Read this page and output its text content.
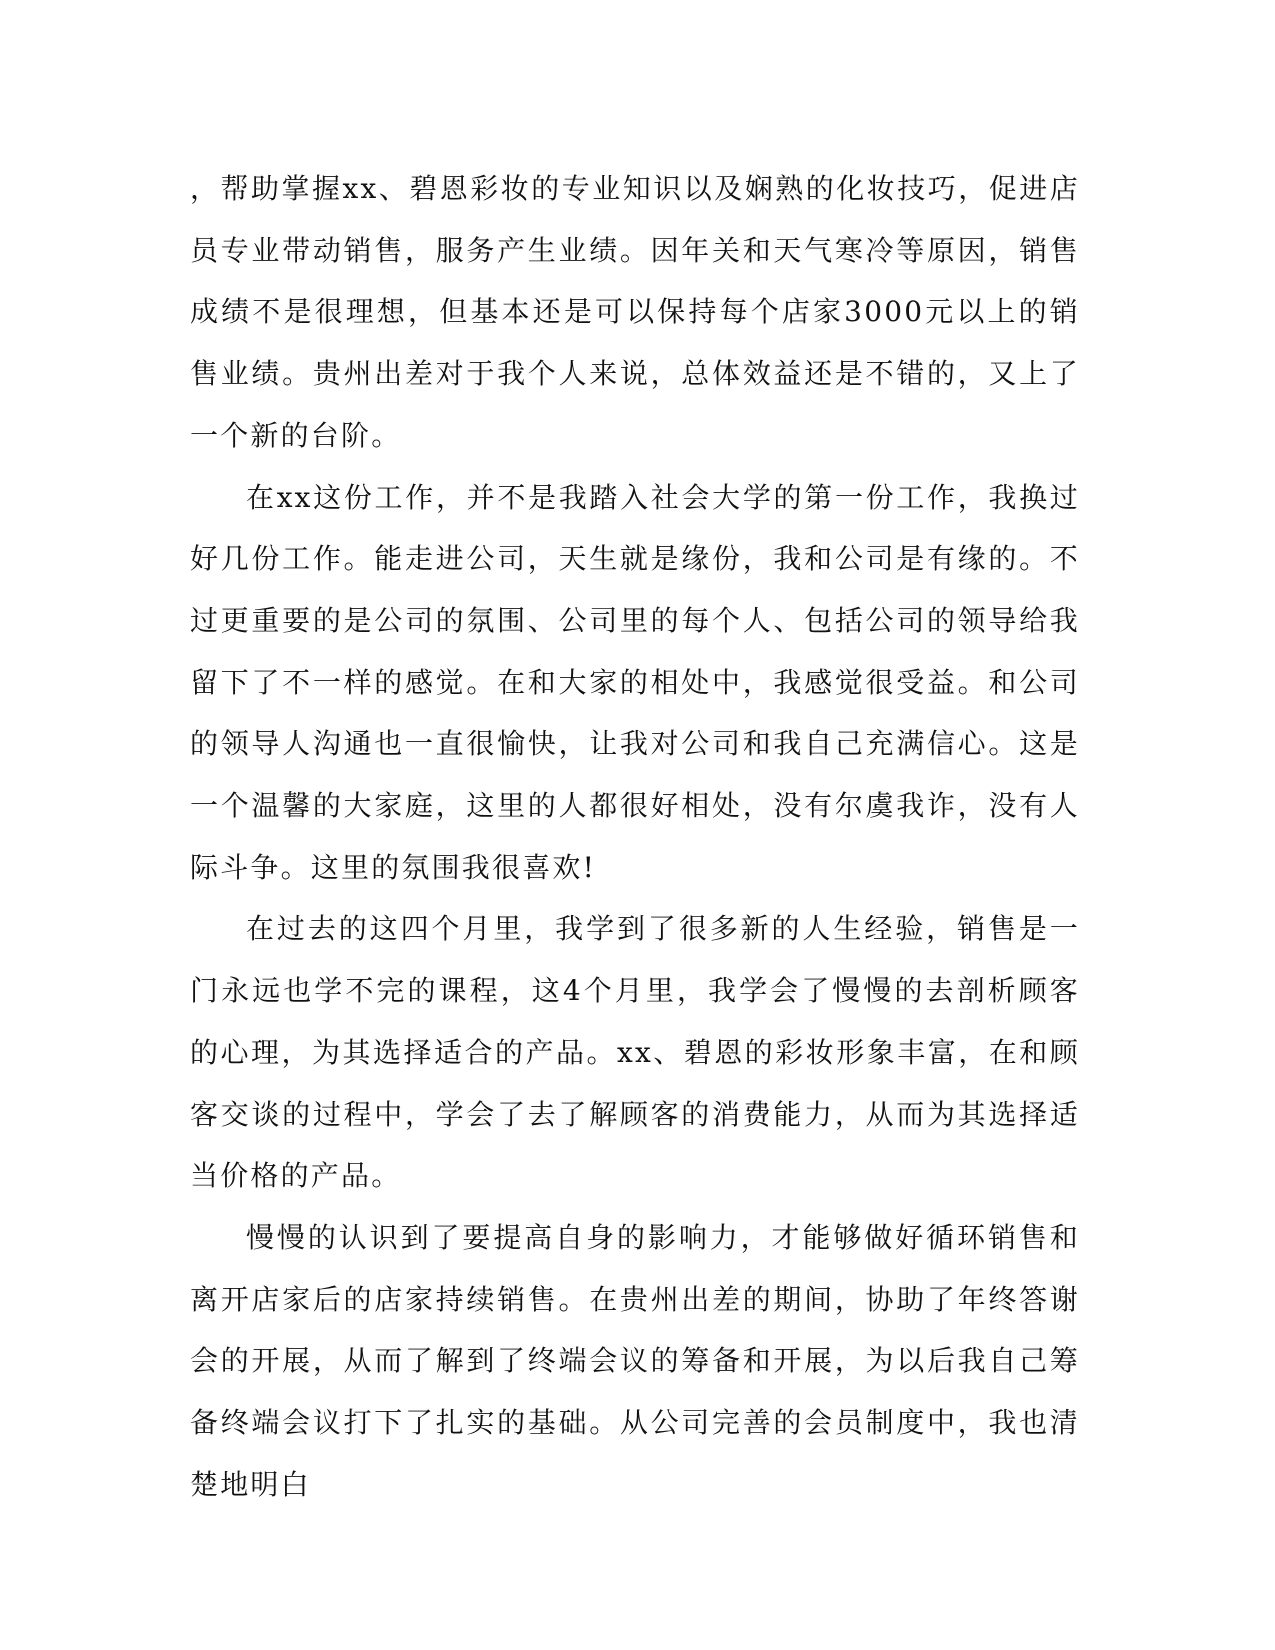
，帮助掌握xx、碧恩彩妆的专业知识以及娴熟的化妆技巧，促进店员专业带动销售，服务产生业绩。因年关和天气寒冷等原因，销售成绩不是很理想，但基本还是可以保持每个店家3000元以上的销售业绩。贵州出差对于我个人来说，总体效益还是不错的，又上了一个新的台阶。

在xx这份工作，并不是我踏入社会大学的第一份工作，我换过好几份工作。能走进公司，天生就是缘份，我和公司是有缘的。不过更重要的是公司的氛围、公司里的每个人、包括公司的领导给我留下了不一样的感觉。在和大家的相处中，我感觉很受益。和公司的领导人沟通也一直很愉快，让我对公司和我自己充满信心。这是一个温馨的大家庭，这里的人都很好相处，没有尔虞我诈，没有人际斗争。这里的氛围我很喜欢!

在过去的这四个月里，我学到了很多新的人生经验，销售是一门永远也学不完的课程，这4个月里，我学会了慢慢的去剖析顾客的心理，为其选择适合的产品。xx、碧恩的彩妆形象丰富，在和顾客交谈的过程中，学会了去了解顾客的消费能力，从而为其选择适当价格的产品。

慢慢的认识到了要提高自身的影响力，才能够做好循环销售和离开店家后的店家持续销售。在贵州出差的期间，协助了年终答谢会的开展，从而了解到了终端会议的筹备和开展，为以后我自己筹备终端会议打下了扎实的基础。从公司完善的会员制度中，我也清楚地明白
